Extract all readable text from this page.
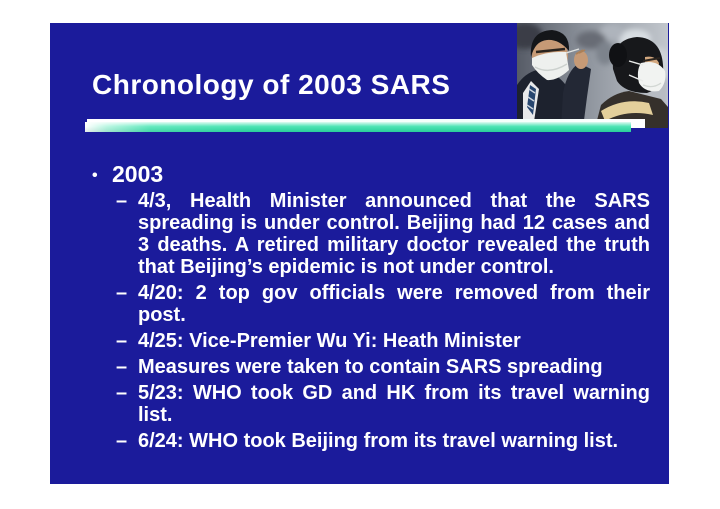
Chronology of 2003 SARS
• 2003
– 4/3, Health Minister announced that the SARS spreading is under control. Beijing had 12 cases and 3 deaths. A retired military doctor revealed the truth that Beijing’s epidemic is not under control.
– 4/20: 2 top gov officials were removed from their post.
– 4/25: Vice-Premier Wu Yi: Heath Minister
– Measures were taken to contain SARS spreading
– 5/23: WHO took GD and HK from its travel warning list.
– 6/24: WHO took Beijing from its travel warning list.
